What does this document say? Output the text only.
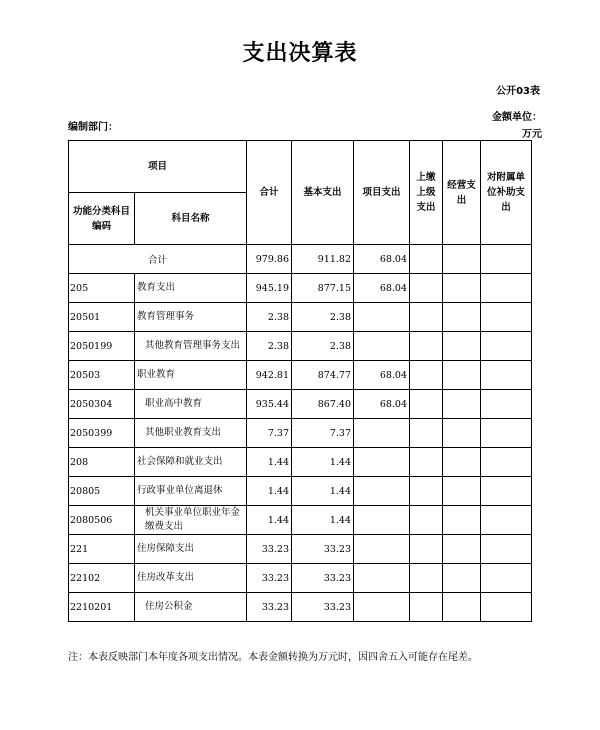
支出决算表
公开03表
编制部门：
金额单位：
万元
项目		合计	基本支出	项目支出	上缴上级支出	经营支出	对附属单位补助支出
功能分类科目编码	科目名称						
合计		979.86	911.82	68.04			
205	教育支出	945.19	877.15	68.04			
20501	教育管理事务	2.38	2.38				
2050199	其他教育管理事务支出	2.38	2.38				
20503	职业教育	942.81	874.77	68.04			
2050304	职业高中教育	935.44	867.40	68.04			
2050399	其他职业教育支出	7.37	7.37				
208	社会保障和就业支出	1.44	1.44				
20805	行政事业单位离退休	1.44	1.44				
2080506	机关事业单位职业年金缴费支出	1.44	1.44				
221	住房保障支出	33.23	33.23				
22102	住房改革支出	33.23	33.23				
2210201	住房公积金	33.23	33.23				
注：本表反映部门本年度各项支出情况。本表金额转换为万元时，因四舍五入可能存在尾差。
